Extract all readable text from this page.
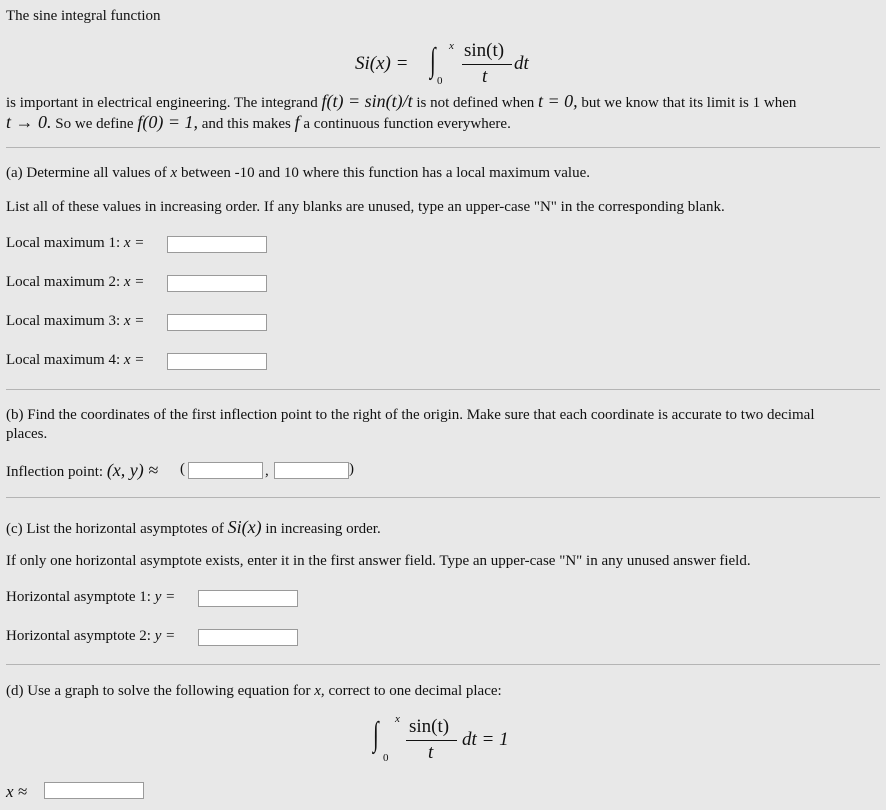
The sine integral function
Si(x) = ∫ x
0
sin(t)
t
dt
is important in electrical engineering. The integrand f(t) = sin(t)/t is not defined when t = 0, but we know that its limit is 1 when
t → 0. So we define f(0) = 1, and this makes f a continuous function everywhere.
(a) Determine all values of x between -10 and 10 where this function has a local maximum value.
List all of these values in increasing order. If any blanks are unused, type an upper-case "N" in the corresponding blank.
Local maximum 1: x =
Local maximum 2: x =
Local maximum 3: x =
Local maximum 4: x =
(b) Find the coordinates of the first inflection point to the right of the origin. Make sure that each coordinate is accurate to two decimal
places.
Inflection point: (x, y) ≈ (	,	)
(c) List the horizontal asymptotes of Si(x) in increasing order.
If only one horizontal asymptote exists, enter it in the first answer field. Type an upper-case "N" in any unused answer field.
Horizontal asymptote 1: y =
Horizontal asymptote 2: y =
(d) Use a graph to solve the following equation for x, correct to one decimal place:
∫ x
0
sin(t)
t
dt = 1
x ≈
